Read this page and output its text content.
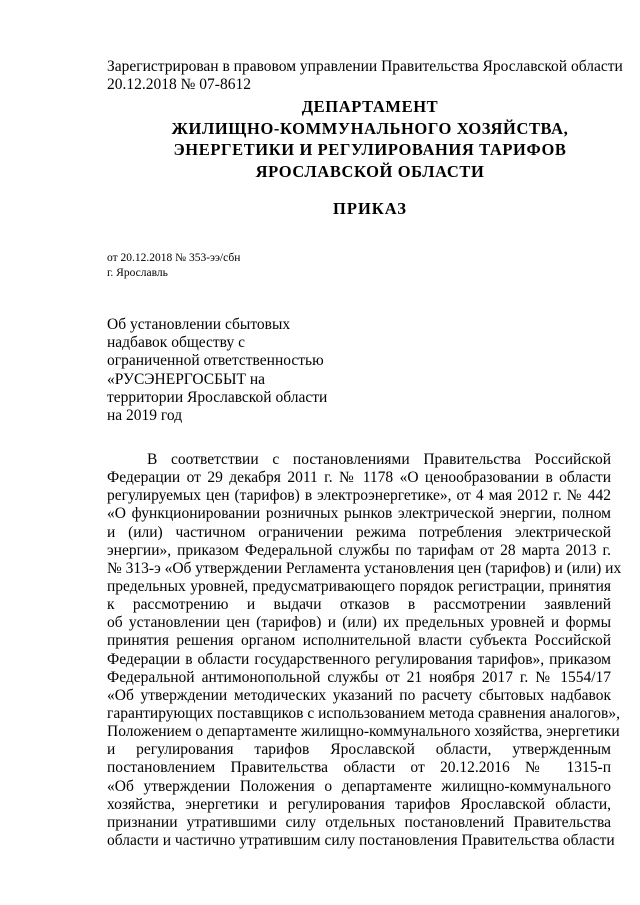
Зарегистрирован в правовом управлении Правительства Ярославской области
20.12.2018 № 07-8612
ДЕПАРТАМЕНТ
ЖИЛИЩНО-КОММУНАЛЬНОГО ХОЗЯЙСТВА,
ЭНЕРГЕТИКИ И РЕГУЛИРОВАНИЯ ТАРИФОВ
ЯРОСЛАВСКОЙ ОБЛАСТИ
ПРИКАЗ
от 20.12.2018 № 353-ээ/сбн
г. Ярославль
Об установлении сбытовых
надбавок обществу с
ограниченной ответственностью
«РУСЭНЕРГОСБЫТ на
территории Ярославской области
на 2019 год
В соответствии с постановлениями Правительства Российской
Федерации от 29 декабря 2011 г. № 1178 «О ценообразовании в области
регулируемых цен (тарифов) в электроэнергетике», от 4 мая 2012 г. № 442
«О функционировании розничных рынков электрической энергии, полном
и (или) частичном ограничении режима потребления электрической
энергии», приказом Федеральной службы по тарифам от 28 марта 2013 г.
№ 313-э «Об утверждении Регламента установления цен (тарифов) и (или) их
предельных уровней, предусматривающего порядок регистрации, принятия
к рассмотрению и выдачи отказов в рассмотрении заявлений
об установлении цен (тарифов) и (или) их предельных уровней и формы
принятия решения органом исполнительной власти субъекта Российской
Федерации в области государственного регулирования тарифов», приказом
Федеральной антимонопольной службы от 21 ноября 2017 г. № 1554/17
«Об утверждении методических указаний по расчету сбытовых надбавок
гарантирующих поставщиков с использованием метода сравнения аналогов»,
Положением о департаменте жилищно-коммунального хозяйства, энергетики
и регулирования тарифов Ярославской области, утвержденным
постановлением Правительства области от 20.12.2016 № 1315-п
«Об утверждении Положения о департаменте жилищно-коммунального
хозяйства, энергетики и регулирования тарифов Ярославской области,
признании утратившими силу отдельных постановлений Правительства
области и частично утратившим силу постановления Правительства области
